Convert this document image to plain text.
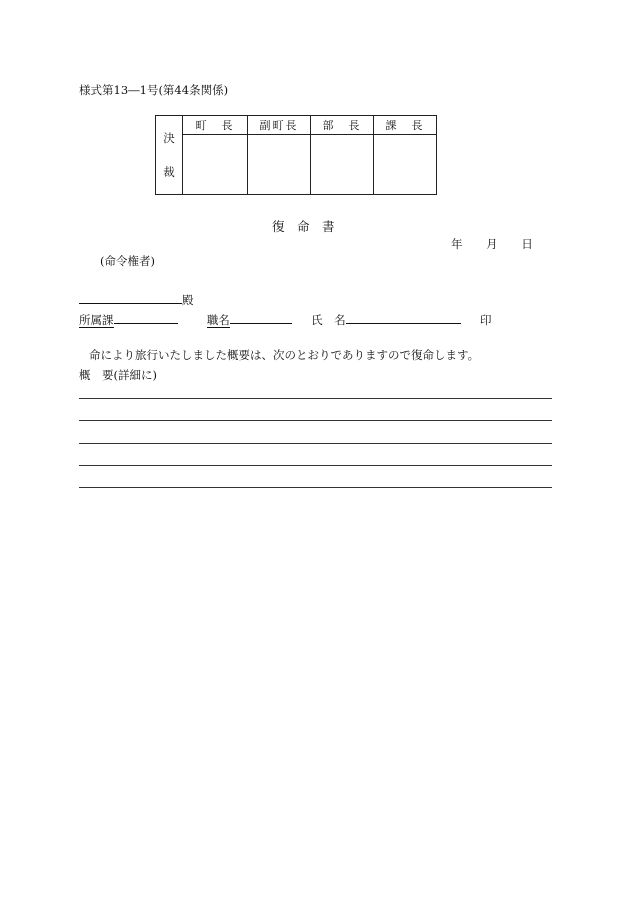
様式第13―1号(第44条関係)
決
裁	町　長	副町長	部　長	課　長

復　命　書
年 月 日
(命令権者)
殿
所属課	職名	氏　名	印
命により旅行いたしました概要は、次のとおりでありますので復命します。
概　要(詳細に)
